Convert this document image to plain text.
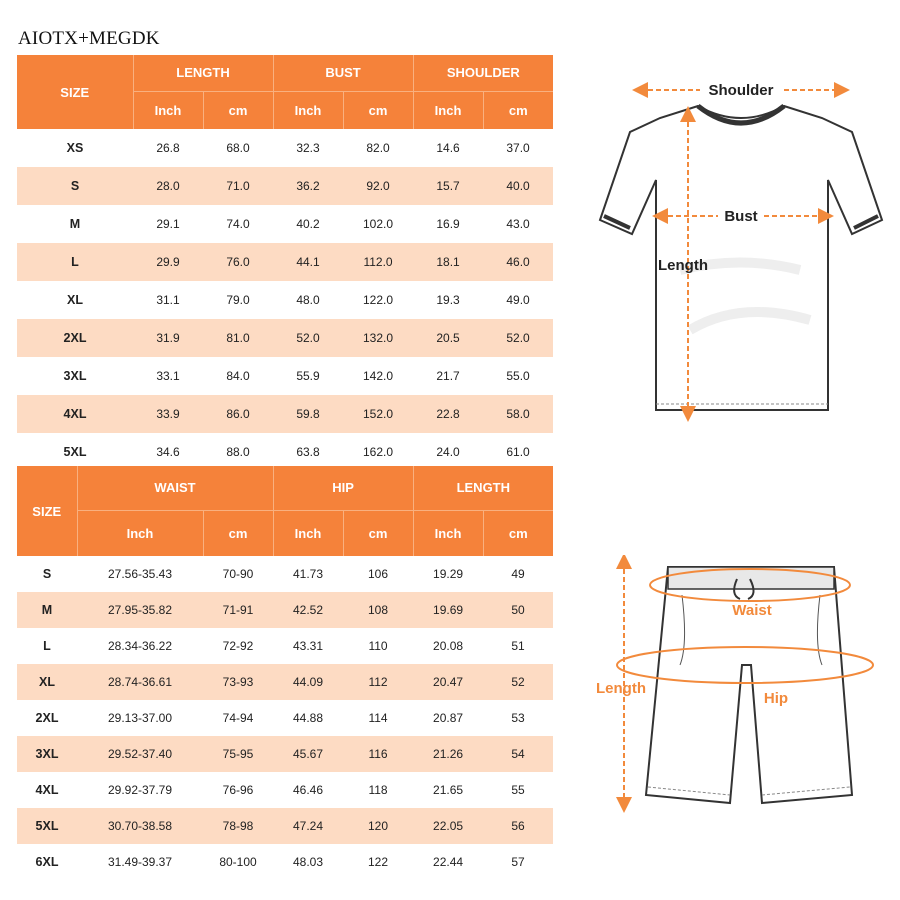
AIOTX+MEGDK
SIZE	LENGTH		BUST		SHOULDER	
	Inch	cm	Inch	cm	Inch	cm
XS	26.8	68.0	32.3	82.0	14.6	37.0
S	28.0	71.0	36.2	92.0	15.7	40.0
M	29.1	74.0	40.2	102.0	16.9	43.0
L	29.9	76.0	44.1	112.0	18.1	46.0
XL	31.1	79.0	48.0	122.0	19.3	49.0
2XL	31.9	81.0	52.0	132.0	20.5	52.0
3XL	33.1	84.0	55.9	142.0	21.7	55.0
4XL	33.9	86.0	59.8	152.0	22.8	58.0
5XL	34.6	88.0	63.8	162.0	24.0	61.0
SIZE	WAIST		HIP		LENGTH	
	Inch	cm	Inch	cm	Inch	cm
S	27.56-35.43	70-90	41.73	106	19.29	49
M	27.95-35.82	71-91	42.52	108	19.69	50
L	28.34-36.22	72-92	43.31	110	20.08	51
XL	28.74-36.61	73-93	44.09	112	20.47	52
2XL	29.13-37.00	74-94	44.88	114	20.87	53
3XL	29.52-37.40	75-95	45.67	116	21.26	54
4XL	29.92-37.79	76-96	46.46	118	21.65	55
5XL	30.70-38.58	78-98	47.24	120	22.05	56
6XL	31.49-39.37	80-100	48.03	122	22.44	57
Shoulder
Bust
Length
Waist
Hip
Length
